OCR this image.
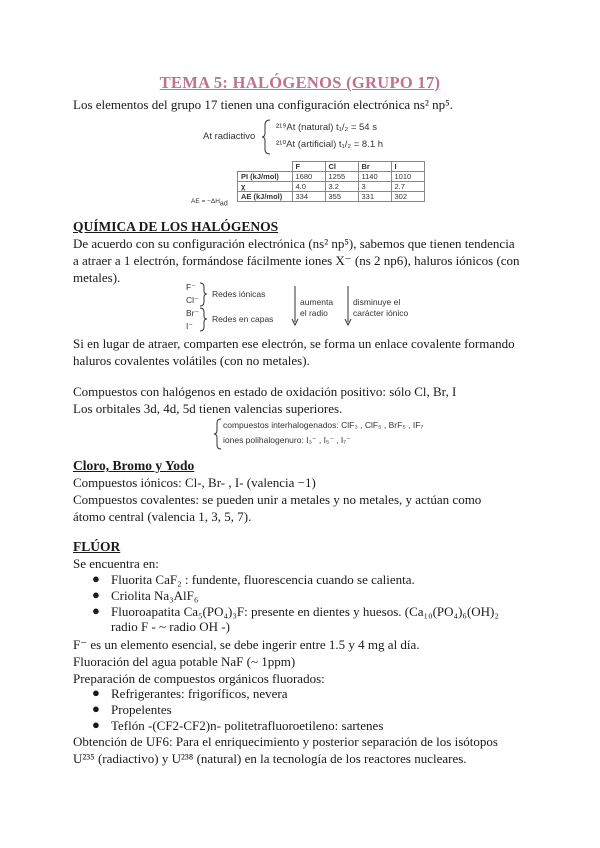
TEMA 5: HALÓGENOS (GRUPO 17)
Los elementos del grupo 17 tienen una configuración electrónica ns² np⁵.
At radiactivo
²¹⁹At (natural) t₁/₂ = 54 s
²¹⁰At (artificial) t₁/₂ = 8.1 h
AE = $-\Delta H_{ad}$
	F	Cl	Br	I
PI (kJ/mol)	1680	1255	1140	1010
χ	4.0	3.2	3	2.7
AE (kJ/mol)	334	355	331	302
QUÍMICA DE LOS HALÓGENOS
De acuerdo con su configuración electrónica (ns² np⁵), sabemos que tienen tendencia
a atraer a 1 electrón, formándose fácilmente iones X⁻ (ns 2 np6), haluros iónicos (con
metales).
F⁻
Cl⁻
Br⁻
I⁻
Redes iónicas
Redes en capas
aumenta
el radio
disminuye el
carácter iónico
Si en lugar de atraer, comparten ese electrón, se forma un enlace covalente formando
haluros covalentes volátiles (con no metales).
Compuestos con halógenos en estado de oxidación positivo: sólo Cl, Br, I
Los orbitales 3d, 4d, 5d tienen valencias superiores.
compuestos interhalogenados: ClF₃ , ClF₅ , BrF₅ , IF₇
iones polihalogenuro: I₃⁻ , I₅⁻ , I₇⁻
Cloro, Bromo y Yodo
Compuestos iónicos: Cl-, Br- , I- (valencia −1)
Compuestos covalentes: se pueden unir a metales y no metales, y actúan como
átomo central (valencia 1, 3, 5, 7).
FLÚOR
Se encuentra en:
● Fluorita CaF₂ : fundente, fluorescencia cuando se calienta.
● Criolita Na₃AlF₆
● Fluoroapatita Ca₅(PO₄)₃F: presente en dientes y huesos. (Ca₁₀(PO₄)₆(OH)₂
radio F - ~ radio OH -)
F⁻ es un elemento esencial, se debe ingerir entre 1.5 y 4 mg al día.
Fluoración del agua potable NaF (~ 1ppm)
Preparación de compuestos orgánicos fluorados:
● Refrigerantes: frigoríficos, nevera
● Propelentes
● Teflón -(CF2-CF2)n- politetrafluoroetileno: sartenes
Obtención de UF6: Para el enriquecimiento y posterior separación de los isótopos
U²³⁵ (radiactivo) y U²³⁸ (natural) en la tecnología de los reactores nucleares.
